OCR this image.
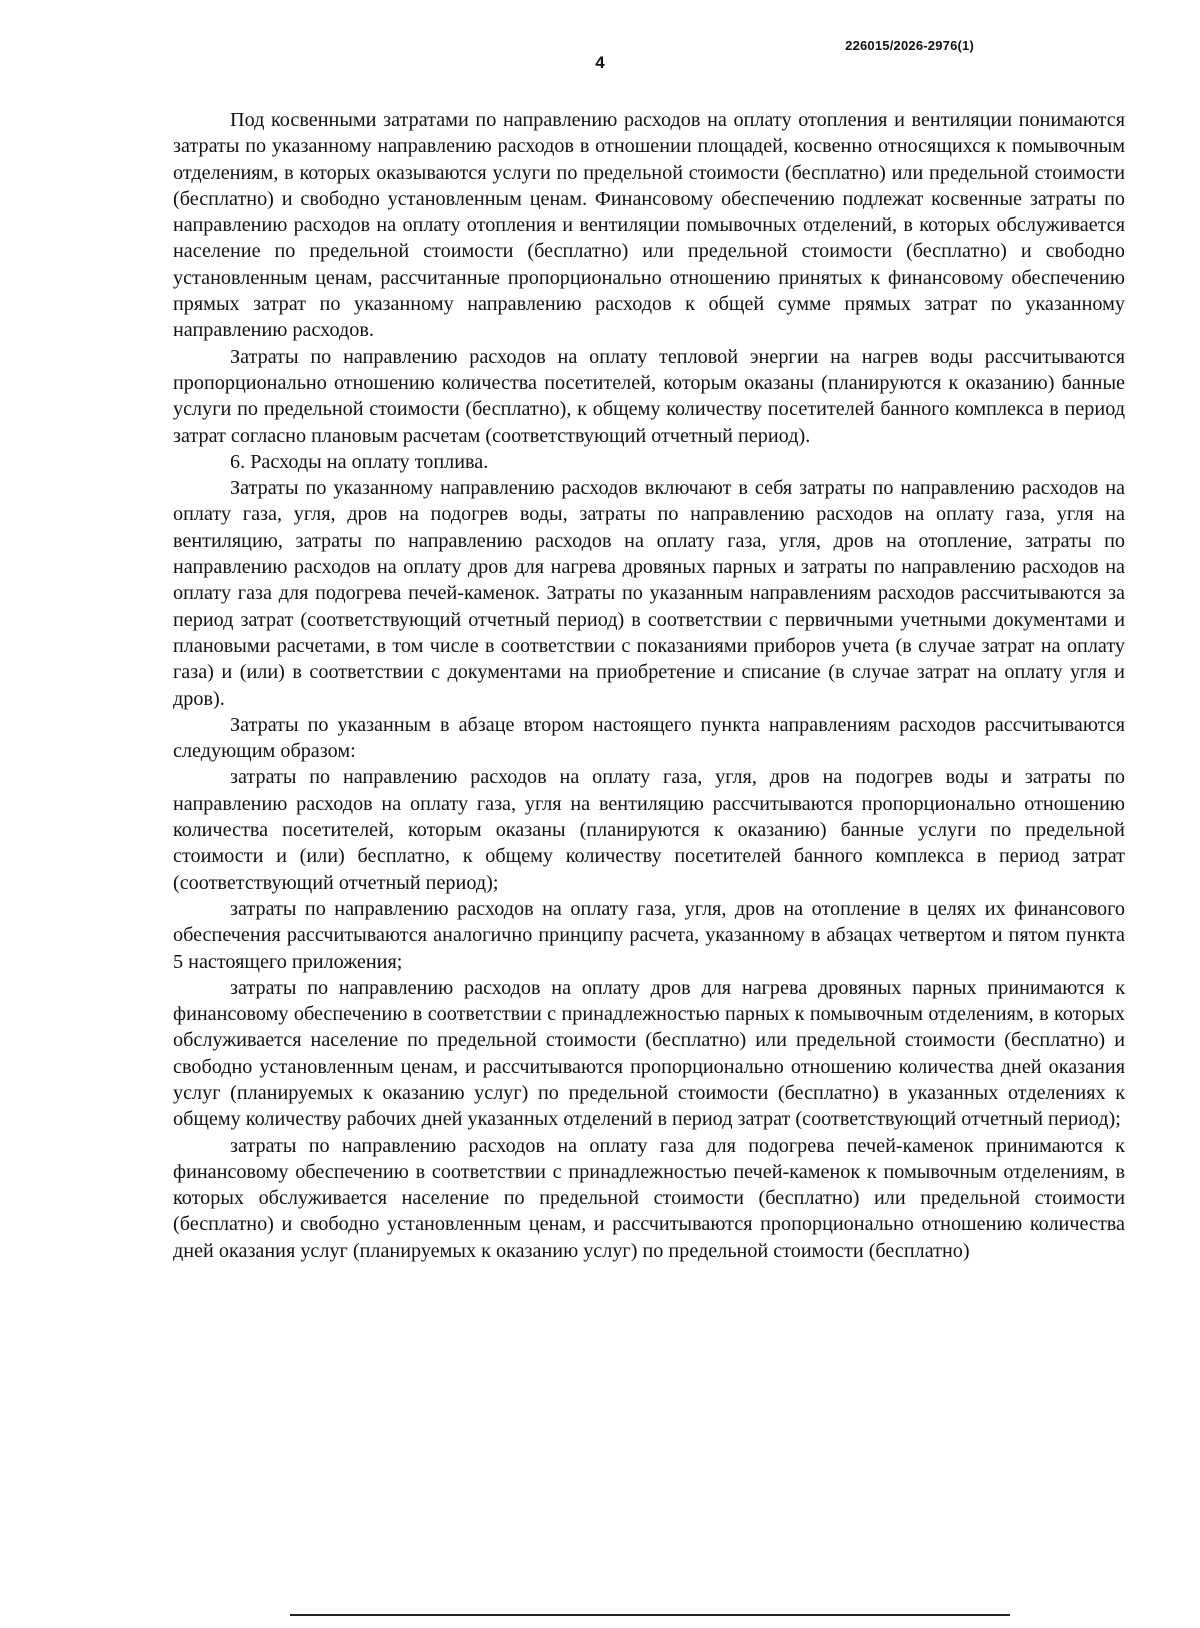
226015/2026-2976(1)
4

Под косвенными затратами по направлению расходов на оплату отопления и вентиляции понимаются затраты по указанному направлению расходов в отношении площадей, косвенно относящихся к помывочным отделениям, в которых оказываются услуги по предельной стоимости (бесплатно) или предельной стоимости (бесплатно) и свободно установленным ценам. Финансовому обеспечению подлежат косвенные затраты по направлению расходов на оплату отопления и вентиляции помывочных отделений, в которых обслуживается население по предельной стоимости (бесплатно) или предельной стоимости (бесплатно) и свободно установленным ценам, рассчитанные пропорционально отношению принятых к финансовому обеспечению прямых затрат по указанному направлению расходов к общей сумме прямых затрат по указанному направлению расходов.

Затраты по направлению расходов на оплату тепловой энергии на нагрев воды рассчитываются пропорционально отношению количества посетителей, которым оказаны (планируются к оказанию) банные услуги по предельной стоимости (бесплатно), к общему количеству посетителей банного комплекса в период затрат согласно плановым расчетам (соответствующий отчетный период).

6. Расходы на оплату топлива.

Затраты по указанному направлению расходов включают в себя затраты по направлению расходов на оплату газа, угля, дров на подогрев воды, затраты по направлению расходов на оплату газа, угля на вентиляцию, затраты по направлению расходов на оплату газа, угля, дров на отопление, затраты по направлению расходов на оплату дров для нагрева дровяных парных и затраты по направлению расходов на оплату газа для подогрева печей-каменок. Затраты по указанным направлениям расходов рассчитываются за период затрат (соответствующий отчетный период) в соответствии с первичными учетными документами и плановыми расчетами, в том числе в соответствии с показаниями приборов учета (в случае затрат на оплату газа) и (или) в соответствии с документами на приобретение и списание (в случае затрат на оплату угля и дров).

Затраты по указанным в абзаце втором настоящего пункта направлениям расходов рассчитываются следующим образом:

затраты по направлению расходов на оплату газа, угля, дров на подогрев воды и затраты по направлению расходов на оплату газа, угля на вентиляцию рассчитываются пропорционально отношению количества посетителей, которым оказаны (планируются к оказанию) банные услуги по предельной стоимости и (или) бесплатно, к общему количеству посетителей банного комплекса в период затрат (соответствующий отчетный период);

затраты по направлению расходов на оплату газа, угля, дров на отопление в целях их финансового обеспечения рассчитываются аналогично принципу расчета, указанному в абзацах четвертом и пятом пункта 5 настоящего приложения;

затраты по направлению расходов на оплату дров для нагрева дровяных парных принимаются к финансовому обеспечению в соответствии с принадлежностью парных к помывочным отделениям, в которых обслуживается население по предельной стоимости (бесплатно) или предельной стоимости (бесплатно) и свободно установленным ценам, и рассчитываются пропорционально отношению количества дней оказания услуг (планируемых к оказанию услуг) по предельной стоимости (бесплатно) в указанных отделениях к общему количеству рабочих дней указанных отделений в период затрат (соответствующий отчетный период);

затраты по направлению расходов на оплату газа для подогрева печей-каменок принимаются к финансовому обеспечению в соответствии с принадлежностью печей-каменок к помывочным отделениям, в которых обслуживается население по предельной стоимости (бесплатно) или предельной стоимости (бесплатно) и свободно установленным ценам, и рассчитываются пропорционально отношению количества дней оказания услуг (планируемых к оказанию услуг) по предельной стоимости (бесплатно)
